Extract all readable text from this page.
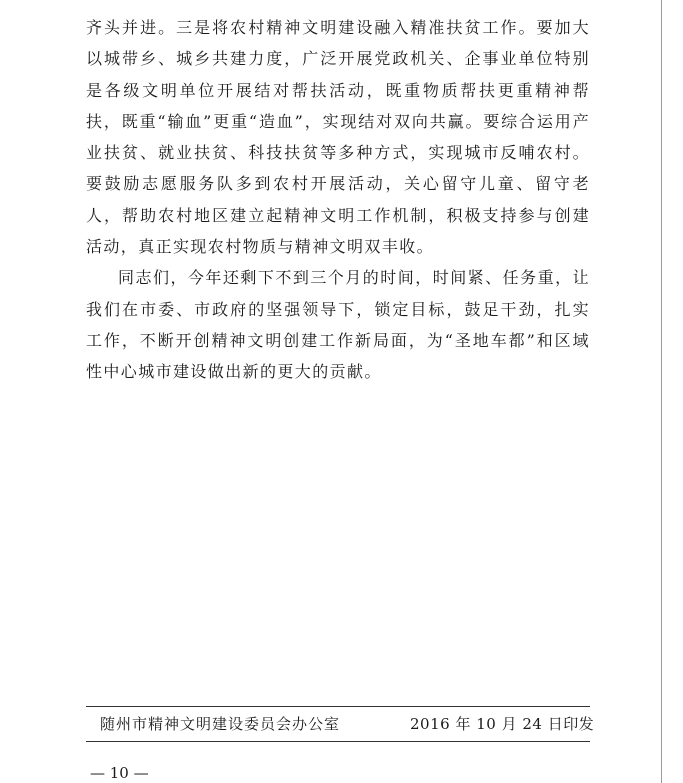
齐头并进。三是将农村精神文明建设融入精准扶贫工作。要加大以城带乡、城乡共建力度，广泛开展党政机关、企事业单位特别是各级文明单位开展结对帮扶活动，既重物质帮扶更重精神帮扶，既重“输血”更重“造血”，实现结对双向共赢。要综合运用产业扶贫、就业扶贫、科技扶贫等多种方式，实现城市反哺农村。要鼓励志愿服务队多到农村开展活动，关心留守儿童、留守老人，帮助农村地区建立起精神文明工作机制，积极支持参与创建活动，真正实现农村物质与精神文明双丰收。

同志们，今年还剩下不到三个月的时间，时间紧、任务重，让我们在市委、市政府的坚强领导下，锁定目标，鼓足干劲，扎实工作，不断开创精神文明创建工作新局面，为“圣地车都”和区域性中心城市建设做出新的更大的贡献。

随州市精神文明建设委员会办公室	2016 年 10 月 24 日印发
— 10 —
